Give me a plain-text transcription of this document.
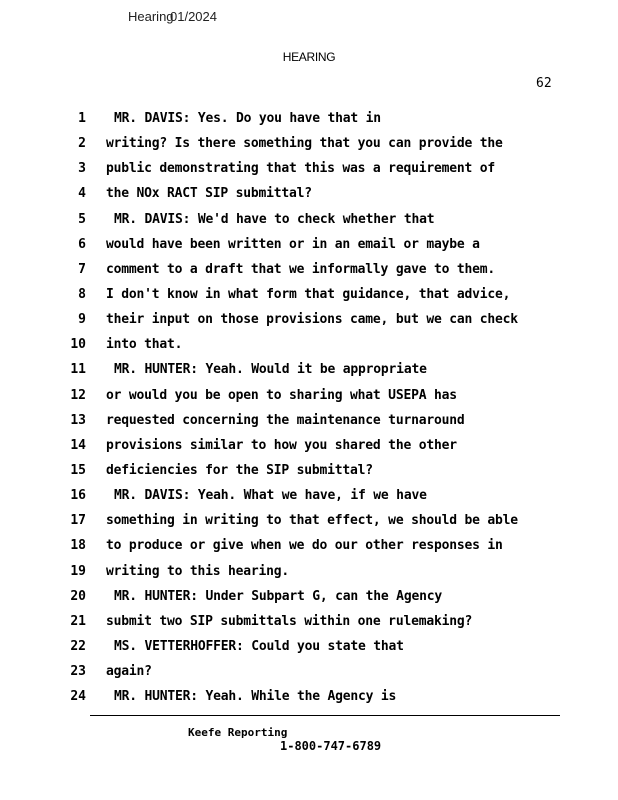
Hearing
01/2024
HEARING
62
1 MR. DAVIS: Yes. Do you have that in
2 writing? Is there something that you can provide the
3 public demonstrating that this was a requirement of
4 the NOx RACT SIP submittal?
5 MR. DAVIS: We'd have to check whether that
6 would have been written or in an email or maybe a
7 comment to a draft that we informally gave to them.
8 I don't know in what form that guidance, that advice,
9 their input on those provisions came, but we can check
10 into that.
11 MR. HUNTER: Yeah. Would it be appropriate
12 or would you be open to sharing what USEPA has
13 requested concerning the maintenance turnaround
14 provisions similar to how you shared the other
15 deficiencies for the SIP submittal?
16 MR. DAVIS: Yeah. What we have, if we have
17 something in writing to that effect, we should be able
18 to produce or give when we do our other responses in
19 writing to this hearing.
20 MR. HUNTER: Under Subpart G, can the Agency
21 submit two SIP submittals within one rulemaking?
22 MS. VETTERHOFFER: Could you state that
23 again?
24 MR. HUNTER: Yeah. While the Agency is
Keefe Reporting
1-800-747-6789
